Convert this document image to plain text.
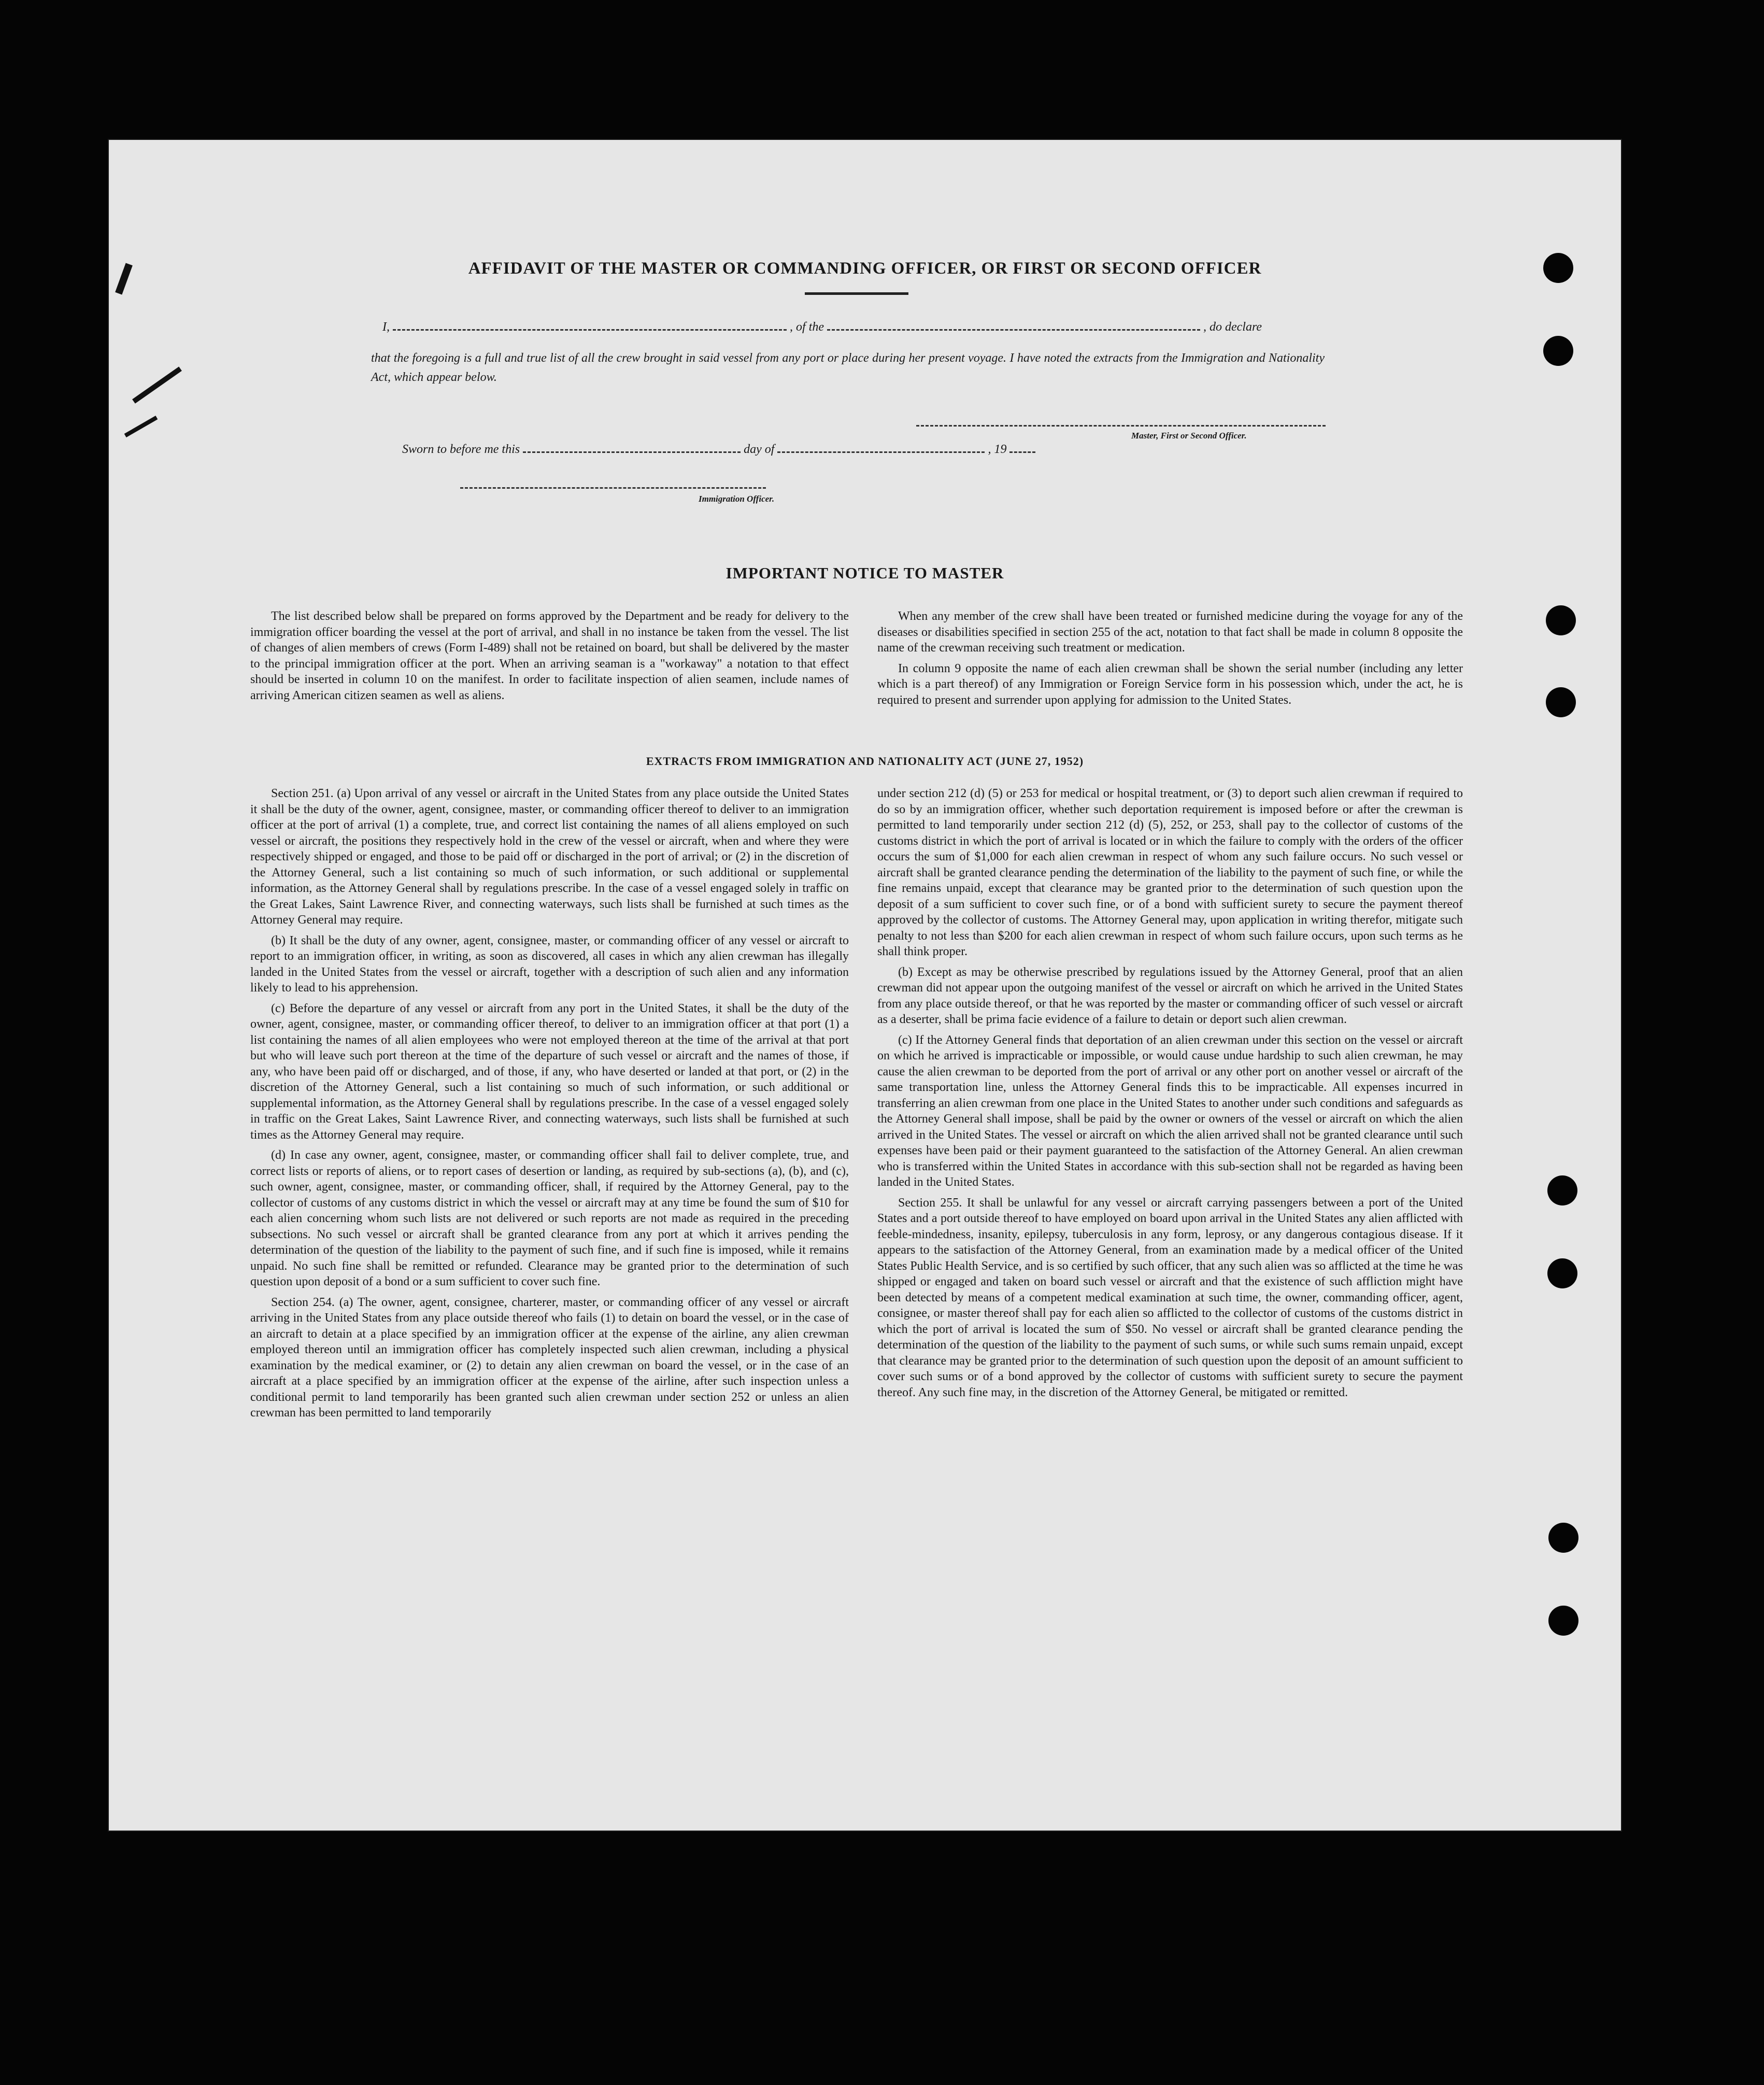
AFFIDAVIT OF THE MASTER OR COMMANDING OFFICER, OR FIRST OR SECOND OFFICER
I,	, of the	, do declare
that the foregoing is a full and true list of all the crew brought in said vessel from any port or place during her present voyage. I have noted the extracts from the Immigration and Nationality Act, which appear below.
Master, First or Second Officer.
Sworn to before me this	day of	, 19
Immigration Officer.
IMPORTANT NOTICE TO MASTER

The list described below shall be prepared on forms approved by the Department and be ready for delivery to the immigration officer boarding the vessel at the port of arrival, and shall in no instance be taken from the vessel. The list of changes of alien members of crews (Form I-489) shall not be retained on board, but shall be delivered by the master to the principal immigration officer at the port. When an arriving seaman is a "workaway" a notation to that effect should be inserted in column 10 on the manifest. In order to facilitate inspection of alien seamen, include names of arriving American citizen seamen as well as aliens.

When any member of the crew shall have been treated or furnished medicine during the voyage for any of the diseases or disabilities specified in section 255 of the act, notation to that fact shall be made in column 8 opposite the name of the crewman receiving such treatment or medication.

In column 9 opposite the name of each alien crewman shall be shown the serial number (including any letter which is a part thereof) of any Immigration or Foreign Service form in his possession which, under the act, he is required to present and surrender upon applying for admission to the United States.

EXTRACTS FROM IMMIGRATION AND NATIONALITY ACT (JUNE 27, 1952)

Section 251. (a) Upon arrival of any vessel or aircraft in the United States from any place outside the United States it shall be the duty of the owner, agent, consignee, master, or commanding officer thereof to deliver to an immigration officer at the port of arrival (1) a complete, true, and correct list containing the names of all aliens employed on such vessel or aircraft, the positions they respectively hold in the crew of the vessel or aircraft, when and where they were respectively shipped or engaged, and those to be paid off or discharged in the port of arrival; or (2) in the discretion of the Attorney General, such a list containing so much of such information, or such additional or supplemental information, as the Attorney General shall by regulations prescribe. In the case of a vessel engaged solely in traffic on the Great Lakes, Saint Lawrence River, and connecting waterways, such lists shall be furnished at such times as the Attorney General may require.

(b) It shall be the duty of any owner, agent, consignee, master, or commanding officer of any vessel or aircraft to report to an immigration officer, in writing, as soon as discovered, all cases in which any alien crewman has illegally landed in the United States from the vessel or aircraft, together with a description of such alien and any information likely to lead to his apprehension.

(c) Before the departure of any vessel or aircraft from any port in the United States, it shall be the duty of the owner, agent, consignee, master, or commanding officer thereof, to deliver to an immigration officer at that port (1) a list containing the names of all alien employees who were not employed thereon at the time of the arrival at that port but who will leave such port thereon at the time of the departure of such vessel or aircraft and the names of those, if any, who have been paid off or discharged, and of those, if any, who have deserted or landed at that port, or (2) in the discretion of the Attorney General, such a list containing so much of such information, or such additional or supplemental information, as the Attorney General shall by regulations prescribe. In the case of a vessel engaged solely in traffic on the Great Lakes, Saint Lawrence River, and connecting waterways, such lists shall be furnished at such times as the Attorney General may require.

(d) In case any owner, agent, consignee, master, or commanding officer shall fail to deliver complete, true, and correct lists or reports of aliens, or to report cases of desertion or landing, as required by sub-sections (a), (b), and (c), such owner, agent, consignee, master, or commanding officer, shall, if required by the Attorney General, pay to the collector of customs of any customs district in which the vessel or aircraft may at any time be found the sum of $10 for each alien concerning whom such lists are not delivered or such reports are not made as required in the preceding subsections. No such vessel or aircraft shall be granted clearance from any port at which it arrives pending the determination of the question of the liability to the payment of such fine, and if such fine is imposed, while it remains unpaid. No such fine shall be remitted or refunded. Clearance may be granted prior to the determination of such question upon deposit of a bond or a sum sufficient to cover such fine.

Section 254. (a) The owner, agent, consignee, charterer, master, or commanding officer of any vessel or aircraft arriving in the United States from any place outside thereof who fails (1) to detain on board the vessel, or in the case of an aircraft to detain at a place specified by an immigration officer at the expense of the airline, any alien crewman employed thereon until an immigration officer has completely inspected such alien crewman, including a physical examination by the medical examiner, or (2) to detain any alien crewman on board the vessel, or in the case of an aircraft at a place specified by an immigration officer at the expense of the airline, after such inspection unless a conditional permit to land temporarily has been granted such alien crewman under section 252 or unless an alien crewman has been permitted to land temporarily

under section 212 (d) (5) or 253 for medical or hospital treatment, or (3) to deport such alien crewman if required to do so by an immigration officer, whether such deportation requirement is imposed before or after the crewman is permitted to land temporarily under section 212 (d) (5), 252, or 253, shall pay to the collector of customs of the customs district in which the port of arrival is located or in which the failure to comply with the orders of the officer occurs the sum of $1,000 for each alien crewman in respect of whom any such failure occurs. No such vessel or aircraft shall be granted clearance pending the determination of the liability to the payment of such fine, or while the fine remains unpaid, except that clearance may be granted prior to the determination of such question upon the deposit of a sum sufficient to cover such fine, or of a bond with sufficient surety to secure the payment thereof approved by the collector of customs. The Attorney General may, upon application in writing therefor, mitigate such penalty to not less than $200 for each alien crewman in respect of whom such failure occurs, upon such terms as he shall think proper.

(b) Except as may be otherwise prescribed by regulations issued by the Attorney General, proof that an alien crewman did not appear upon the outgoing manifest of the vessel or aircraft on which he arrived in the United States from any place outside thereof, or that he was reported by the master or commanding officer of such vessel or aircraft as a deserter, shall be prima facie evidence of a failure to detain or deport such alien crewman.

(c) If the Attorney General finds that deportation of an alien crewman under this section on the vessel or aircraft on which he arrived is impracticable or impossible, or would cause undue hardship to such alien crewman, he may cause the alien crewman to be deported from the port of arrival or any other port on another vessel or aircraft of the same transportation line, unless the Attorney General finds this to be impracticable. All expenses incurred in transferring an alien crewman from one place in the United States to another under such conditions and safeguards as the Attorney General shall impose, shall be paid by the owner or owners of the vessel or aircraft on which the alien arrived in the United States. The vessel or aircraft on which the alien arrived shall not be granted clearance until such expenses have been paid or their payment guaranteed to the satisfaction of the Attorney General. An alien crewman who is transferred within the United States in accordance with this sub-section shall not be regarded as having been landed in the United States.

Section 255. It shall be unlawful for any vessel or aircraft carrying passengers between a port of the United States and a port outside thereof to have employed on board upon arrival in the United States any alien afflicted with feeble-mindedness, insanity, epilepsy, tuberculosis in any form, leprosy, or any dangerous contagious disease. If it appears to the satisfaction of the Attorney General, from an examination made by a medical officer of the United States Public Health Service, and is so certified by such officer, that any such alien was so afflicted at the time he was shipped or engaged and taken on board such vessel or aircraft and that the existence of such affliction might have been detected by means of a competent medical examination at such time, the owner, commanding officer, agent, consignee, or master thereof shall pay for each alien so afflicted to the collector of customs of the customs district in which the port of arrival is located the sum of $50. No vessel or aircraft shall be granted clearance pending the determination of the question of the liability to the payment of such sums, or while such sums remain unpaid, except that clearance may be granted prior to the determination of such question upon the deposit of an amount sufficient to cover such sums or of a bond approved by the collector of customs with sufficient surety to secure the payment thereof. Any such fine may, in the discretion of the Attorney General, be mitigated or remitted.
